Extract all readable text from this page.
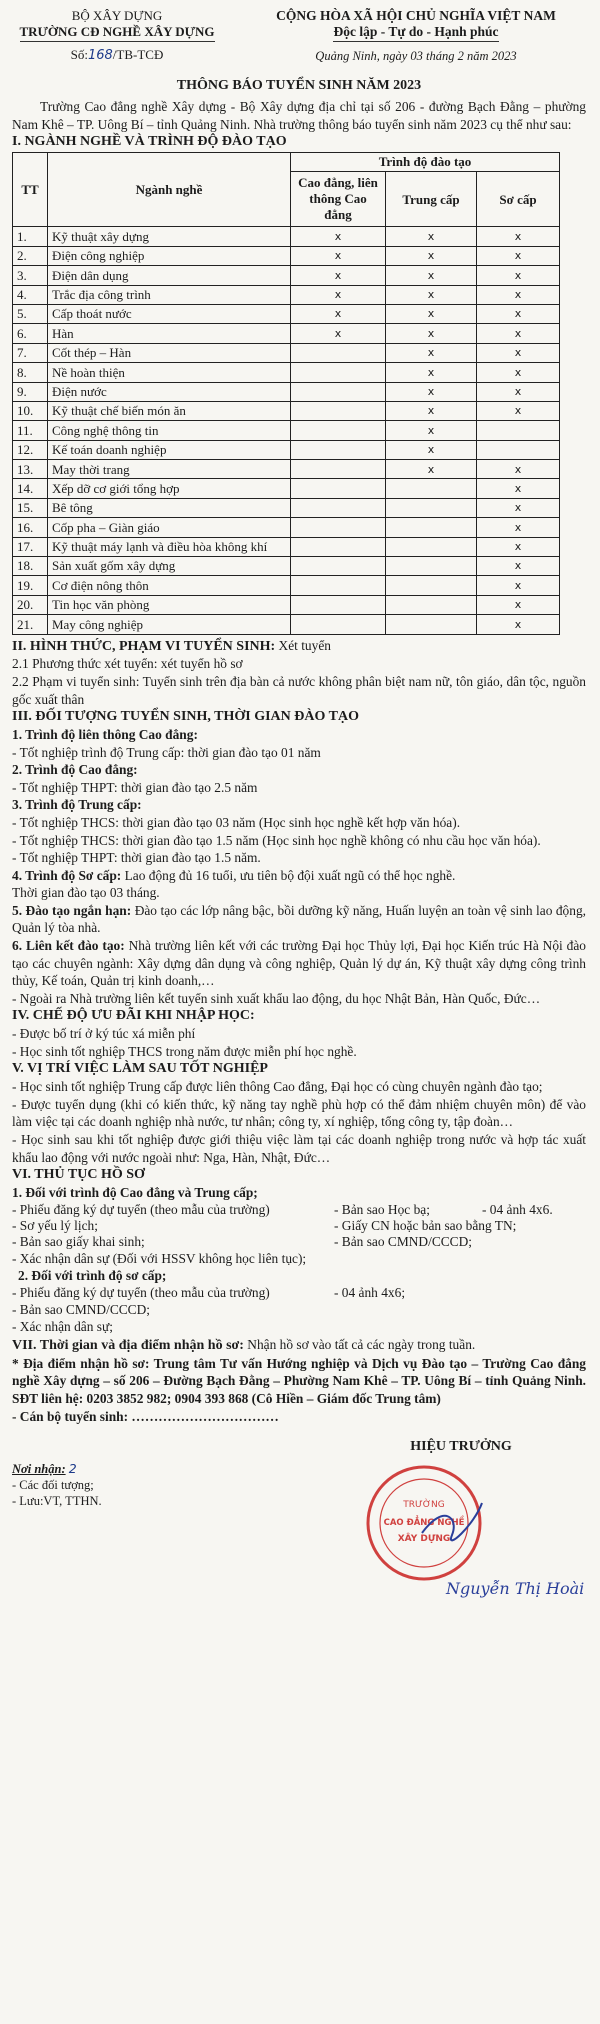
BỘ XÂY DỰNG
TRƯỜNG CĐ NGHỀ XÂY DỰNG
Số:168/TB-TCĐ
CỘNG HÒA XÃ HỘI CHỦ NGHĨA VIỆT NAM
Độc lập - Tự do - Hạnh phúc
Quảng Ninh, ngày 03 tháng 2 năm 2023
THÔNG BÁO TUYỂN SINH NĂM 2023

Trường Cao đẳng nghề Xây dựng - Bộ Xây dựng địa chỉ tại số 206 - đường Bạch Đằng – phường Nam Khê – TP. Uông Bí – tỉnh Quảng Ninh. Nhà trường thông báo tuyển sinh năm 2023 cụ thể như sau:

I. NGÀNH NGHỀ VÀ TRÌNH ĐỘ ĐÀO TẠO
TT	Ngành nghề	Trình độ đào tạo		
		Cao đẳng, liên thông Cao đẳng	Trung cấp	Sơ cấp
1.	Kỹ thuật xây dựng	x	x	x
2.	Điện công nghiệp	x	x	x
3.	Điện dân dụng	x	x	x
4.	Trắc địa công trình	x	x	x
5.	Cấp thoát nước	x	x	x
6.	Hàn	x	x	x
7.	Cốt thép – Hàn		x	x
8.	Nề hoàn thiện		x	x
9.	Điện nước		x	x
10.	Kỹ thuật chế biến món ăn		x	x
11.	Công nghệ thông tin		x	
12.	Kế toán doanh nghiệp		x	
13.	May thời trang		x	x
14.	Xếp dỡ cơ giới tổng hợp			x
15.	Bê tông			x
16.	Cốp pha – Giàn giáo			x
17.	Kỹ thuật máy lạnh và điều hòa không khí			x
18.	Sản xuất gốm xây dựng			x
19.	Cơ điện nông thôn			x
20.	Tin học văn phòng			x
21.	May công nghiệp			x

II. HÌNH THỨC, PHẠM VI TUYỂN SINH: Xét tuyển

2.1 Phương thức xét tuyển: xét tuyển hồ sơ

2.2 Phạm vi tuyển sinh: Tuyển sinh trên địa bàn cả nước không phân biệt nam nữ, tôn giáo, dân tộc, nguồn gốc xuất thân

III. ĐỐI TƯỢNG TUYỂN SINH, THỜI GIAN ĐÀO TẠO

1. Trình độ liên thông Cao đẳng:

- Tốt nghiệp trình độ Trung cấp: thời gian đào tạo 01 năm

2. Trình độ Cao đẳng:

- Tốt nghiệp THPT: thời gian đào tạo 2.5 năm

3. Trình độ Trung cấp:

- Tốt nghiệp THCS: thời gian đào tạo 03 năm (Học sinh học nghề kết hợp văn hóa).

- Tốt nghiệp THCS: thời gian đào tạo 1.5 năm (Học sinh học nghề không có nhu cầu học văn hóa).

- Tốt nghiệp THPT: thời gian đào tạo 1.5 năm.

4. Trình độ Sơ cấp: Lao động đủ 16 tuổi, ưu tiên bộ đội xuất ngũ có thể học nghề.

Thời gian đào tạo 03 tháng.

5. Đào tạo ngắn hạn: Đào tạo các lớp nâng bậc, bồi dưỡng kỹ năng, Huấn luyện an toàn vệ sinh lao động, Quản lý tòa nhà.

6. Liên kết đào tạo: Nhà trường liên kết với các trường Đại học Thủy lợi, Đại học Kiến trúc Hà Nội đào tạo các chuyên ngành: Xây dựng dân dụng và công nghiệp, Quản lý dự án, Kỹ thuật xây dựng công trình thủy, Kế toán, Quản trị kinh doanh,…

- Ngoài ra Nhà trường liên kết tuyển sinh xuất khẩu lao động, du học Nhật Bản, Hàn Quốc, Đức…

IV. CHẾ ĐỘ ƯU ĐÃI KHI NHẬP HỌC:

- Được bố trí ở ký túc xá miễn phí

- Học sinh tốt nghiệp THCS trong năm được miễn phí học nghề.

V. VỊ TRÍ VIỆC LÀM SAU TỐT NGHIỆP

- Học sinh tốt nghiệp Trung cấp được liên thông Cao đẳng, Đại học có cùng chuyên ngành đào tạo;

- Được tuyển dụng (khi có kiến thức, kỹ năng tay nghề phù hợp có thể đảm nhiệm chuyên môn) để vào làm việc tại các doanh nghiệp nhà nước, tư nhân; công ty, xí nghiệp, tổng công ty, tập đoàn…

- Học sinh sau khi tốt nghiệp được giới thiệu việc làm tại các doanh nghiệp trong nước và hợp tác xuất khẩu lao động với nước ngoài như: Nga, Hàn, Nhật, Đức…

VI. THỦ TỤC HỒ SƠ

1. Đối với trình độ Cao đẳng và Trung cấp;

- Phiếu đăng ký dự tuyển (theo mẫu của trường)	- Bản sao Học bạ;	- 04 ảnh 4x6.
- Sơ yếu lý lịch;	- Giấy CN hoặc bản sao bằng TN;
- Bản sao giấy khai sinh;	- Bản sao CMND/CCCD;

- Xác nhận dân sự (Đối với HSSV không học liên tục);

2. Đối với trình độ sơ cấp;

- Phiếu đăng ký dự tuyển (theo mẫu của trường)	- 04 ảnh 4x6;

- Bản sao CMND/CCCD;

- Xác nhận dân sự;

VII. Thời gian và địa điểm nhận hồ sơ: Nhận hồ sơ vào tất cả các ngày trong tuần.

* Địa điểm nhận hồ sơ: Trung tâm Tư vấn Hướng nghiệp và Dịch vụ Đào tạo – Trường Cao đẳng nghề Xây dựng – số 206 – Đường Bạch Đằng – Phường Nam Khê – TP. Uông Bí – tỉnh Quảng Ninh. SĐT liên hệ: 0203 3852 982; 0904 393 868 (Cô Hiền – Giám đốc Trung tâm)

- Cán bộ tuyển sinh: ……………………………

Nơi nhận: 2
- Các đối tượng;
- Lưu:VT, TTHN.
HIỆU TRƯỞNG
TRƯỜNG
CAO ĐẲNG NGHỀ
XÂY DỰNG
Nguyễn Thị Hoài
